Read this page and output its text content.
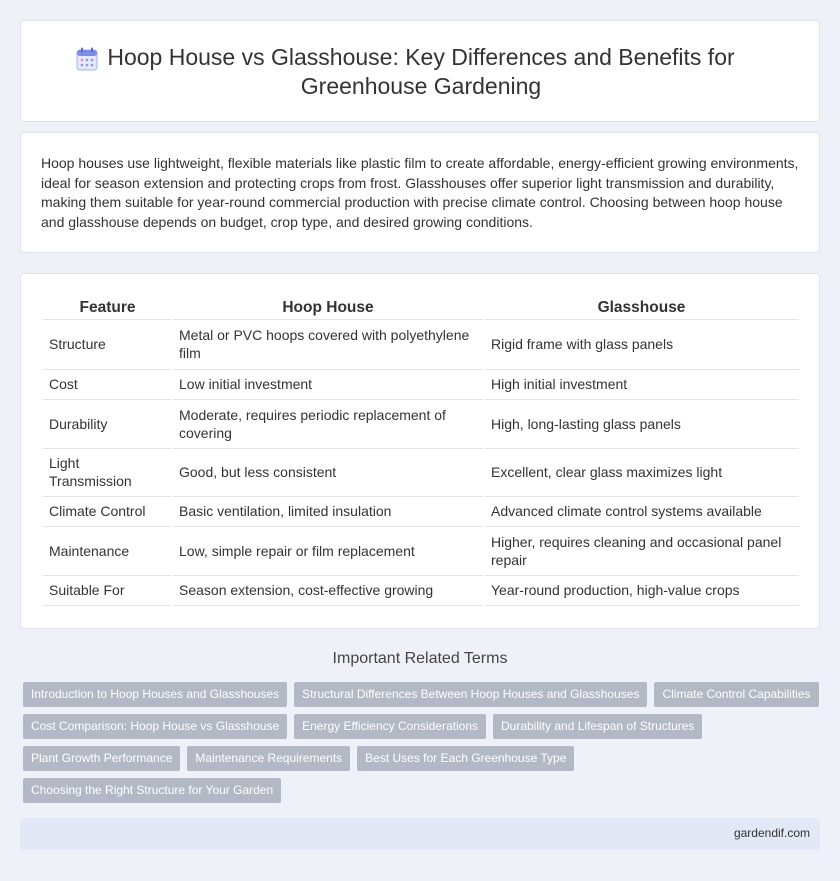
Hoop House vs Glasshouse: Key Differences and Benefits for
Greenhouse Gardening

Hoop houses use lightweight, flexible materials like plastic film to create affordable, energy-efficient growing environments, ideal for season extension and protecting crops from frost. Glasshouses offer superior light transmission and durability, making them suitable for year-round commercial production with precise climate control. Choosing between hoop house and glasshouse depends on budget, crop type, and desired growing conditions.

Feature	Hoop House	Glasshouse
Structure	Metal or PVC hoops covered with polyethylene film	Rigid frame with glass panels
Cost	Low initial investment	High initial investment
Durability	Moderate, requires periodic replacement of covering	High, long-lasting glass panels
Light Transmission	Good, but less consistent	Excellent, clear glass maximizes light
Climate Control	Basic ventilation, limited insulation	Advanced climate control systems available
Maintenance	Low, simple repair or film replacement	Higher, requires cleaning and occasional panel repair
Suitable For	Season extension, cost-effective growing	Year-round production, high-value crops
Important Related Terms
Introduction to Hoop Houses and Glasshouses	Structural Differences Between Hoop Houses and Glasshouses	Climate Control Capabilities
Cost Comparison: Hoop House vs Glasshouse	Energy Efficiency Considerations	Durability and Lifespan of Structures
Plant Growth Performance	Maintenance Requirements	Best Uses for Each Greenhouse Type
Choosing the Right Structure for Your Garden
gardendif.com
